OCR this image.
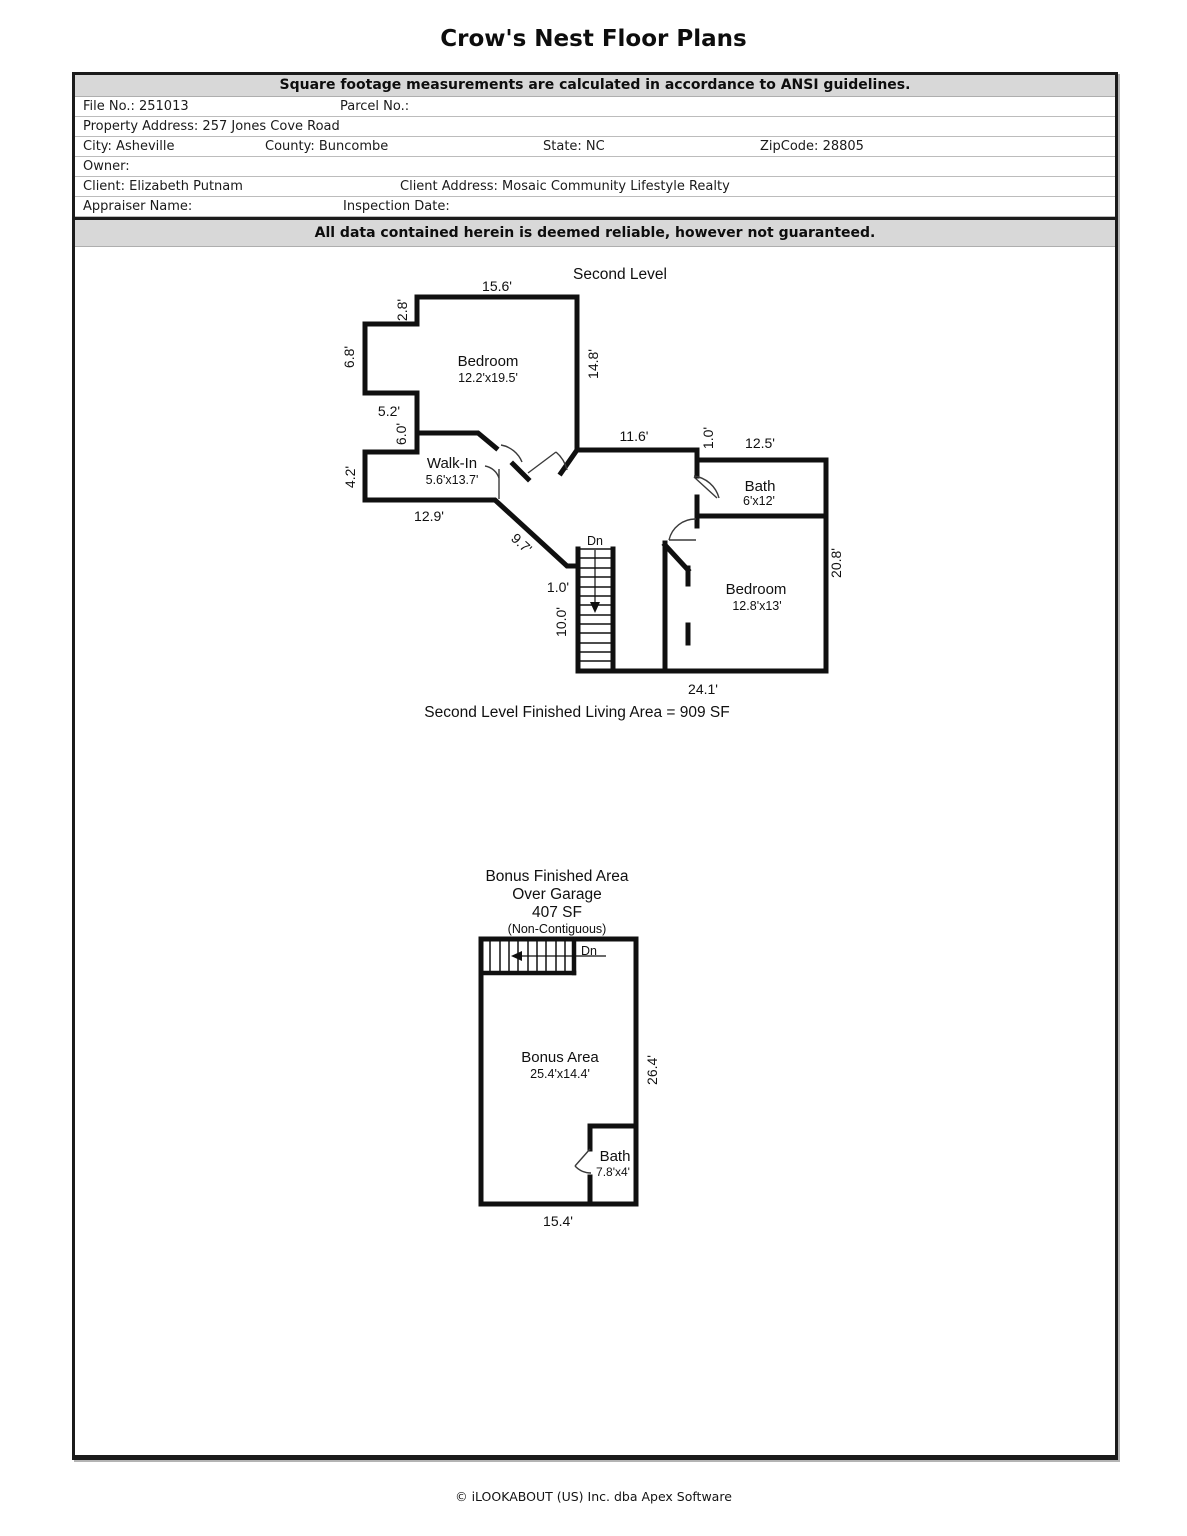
Crow's Nest Floor Plans
Square footage measurements are calculated in accordance to ANSI guidelines.
File No.: 251013	Parcel No.:
Property Address: 257 Jones Cove Road
City: Asheville	County: Buncombe	State: NC	ZipCode: 28805
Owner:
Client: Elizabeth Putnam	Client Address: Mosaic Community Lifestyle Realty
Appraiser Name:	Inspection Date:
All data contained herein is deemed reliable, however not guaranteed.
Second Level
15.6'
2.8'
6.8'
5.2'
6.0'
4.2'
12.9'
9.7'
14.8'
11.6'	1.0' 12.5'
20.8'
1.0'
10.0'
24.1'
Bedroom
12.2'x19.5'
Walk-In
5.6'x13.7'	Bath
6'x12'
Bedroom
12.8'x13'
Dn
Second Level Finished Living Area = 909 SF
Bonus Finished Area
Over Garage
407 SF
(Non-Contiguous)
Dn
Bonus Area
25.4'x14.4'	26.4'
Bath
7.8'x4'
15.4'
© iLOOKABOUT (US) Inc. dba Apex Software
